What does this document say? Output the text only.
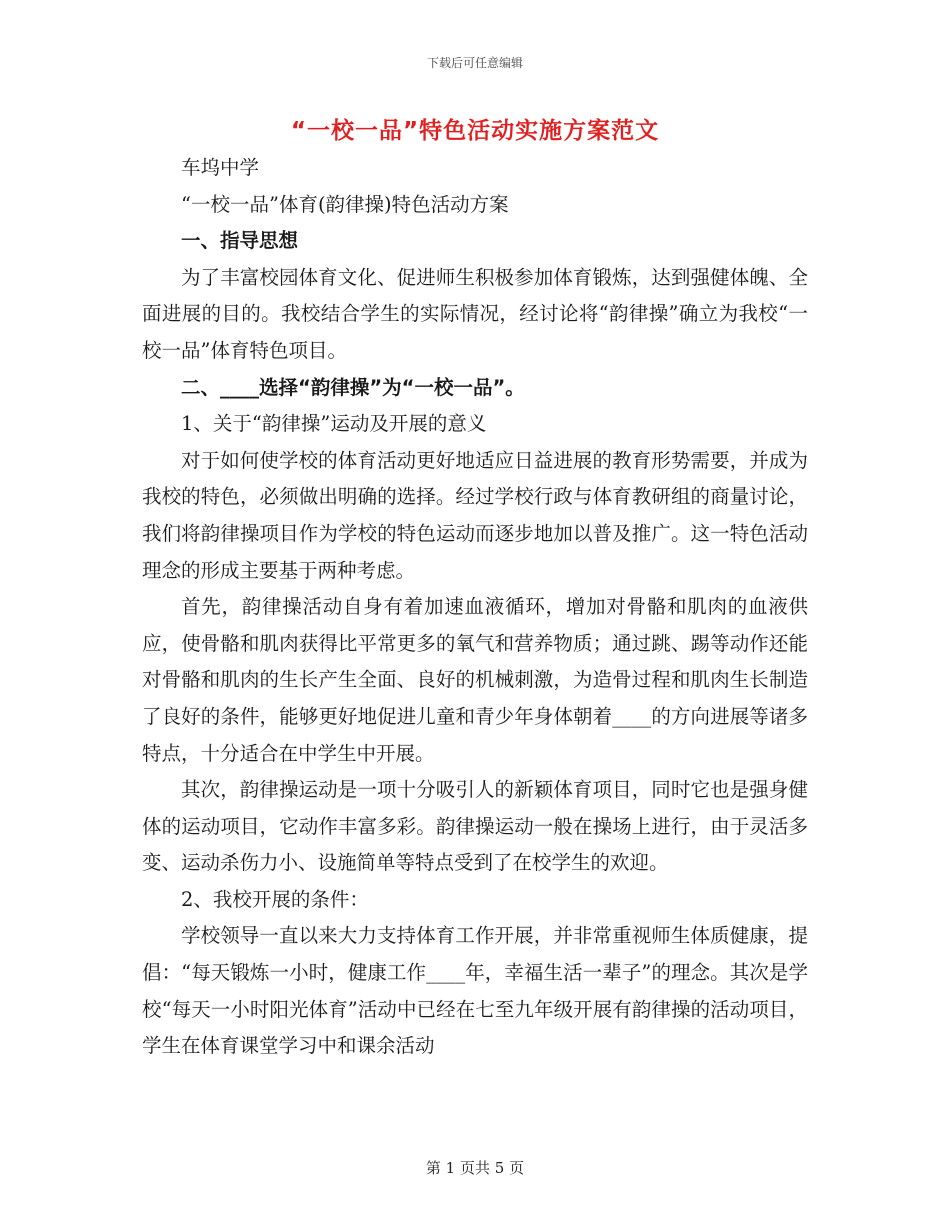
下载后可任意编辑
“一校一品”特色活动实施方案范文

车坞中学

“一校一品”体育(韵律操)特色活动方案

一、指导思想

为了丰富校园体育文化、促进师生积极参加体育锻炼，达到强健体魄、全面进展的目的。我校结合学生的实际情况，经讨论将“韵律操”确立为我校“一校一品”体育特色项目。

二、____选择“韵律操”为“一校一品”。

1、关于“韵律操”运动及开展的意义

对于如何使学校的体育活动更好地适应日益进展的教育形势需要，并成为我校的特色，必须做出明确的选择。经过学校行政与体育教研组的商量讨论，我们将韵律操项目作为学校的特色运动而逐步地加以普及推广。这一特色活动理念的形成主要基于两种考虑。

首先，韵律操活动自身有着加速血液循环，增加对骨骼和肌肉的血液供应，使骨骼和肌肉获得比平常更多的氧气和营养物质；通过跳、踢等动作还能对骨骼和肌肉的生长产生全面、良好的机械刺激，为造骨过程和肌肉生长制造了良好的条件，能够更好地促进儿童和青少年身体朝着____的方向进展等诸多特点，十分适合在中学生中开展。

其次，韵律操运动是一项十分吸引人的新颖体育项目，同时它也是强身健体的运动项目，它动作丰富多彩。韵律操运动一般在操场上进行，由于灵活多变、运动杀伤力小、设施简单等特点受到了在校学生的欢迎。

2、我校开展的条件：

学校领导一直以来大力支持体育工作开展，并非常重视师生体质健康，提倡：“每天锻炼一小时，健康工作____年，幸福生活一辈子”的理念。其次是学校“每天一小时阳光体育”活动中已经在七至九年级开展有韵律操的活动项目，学生在体育课堂学习中和课余活动

第 1 页共 5 页
